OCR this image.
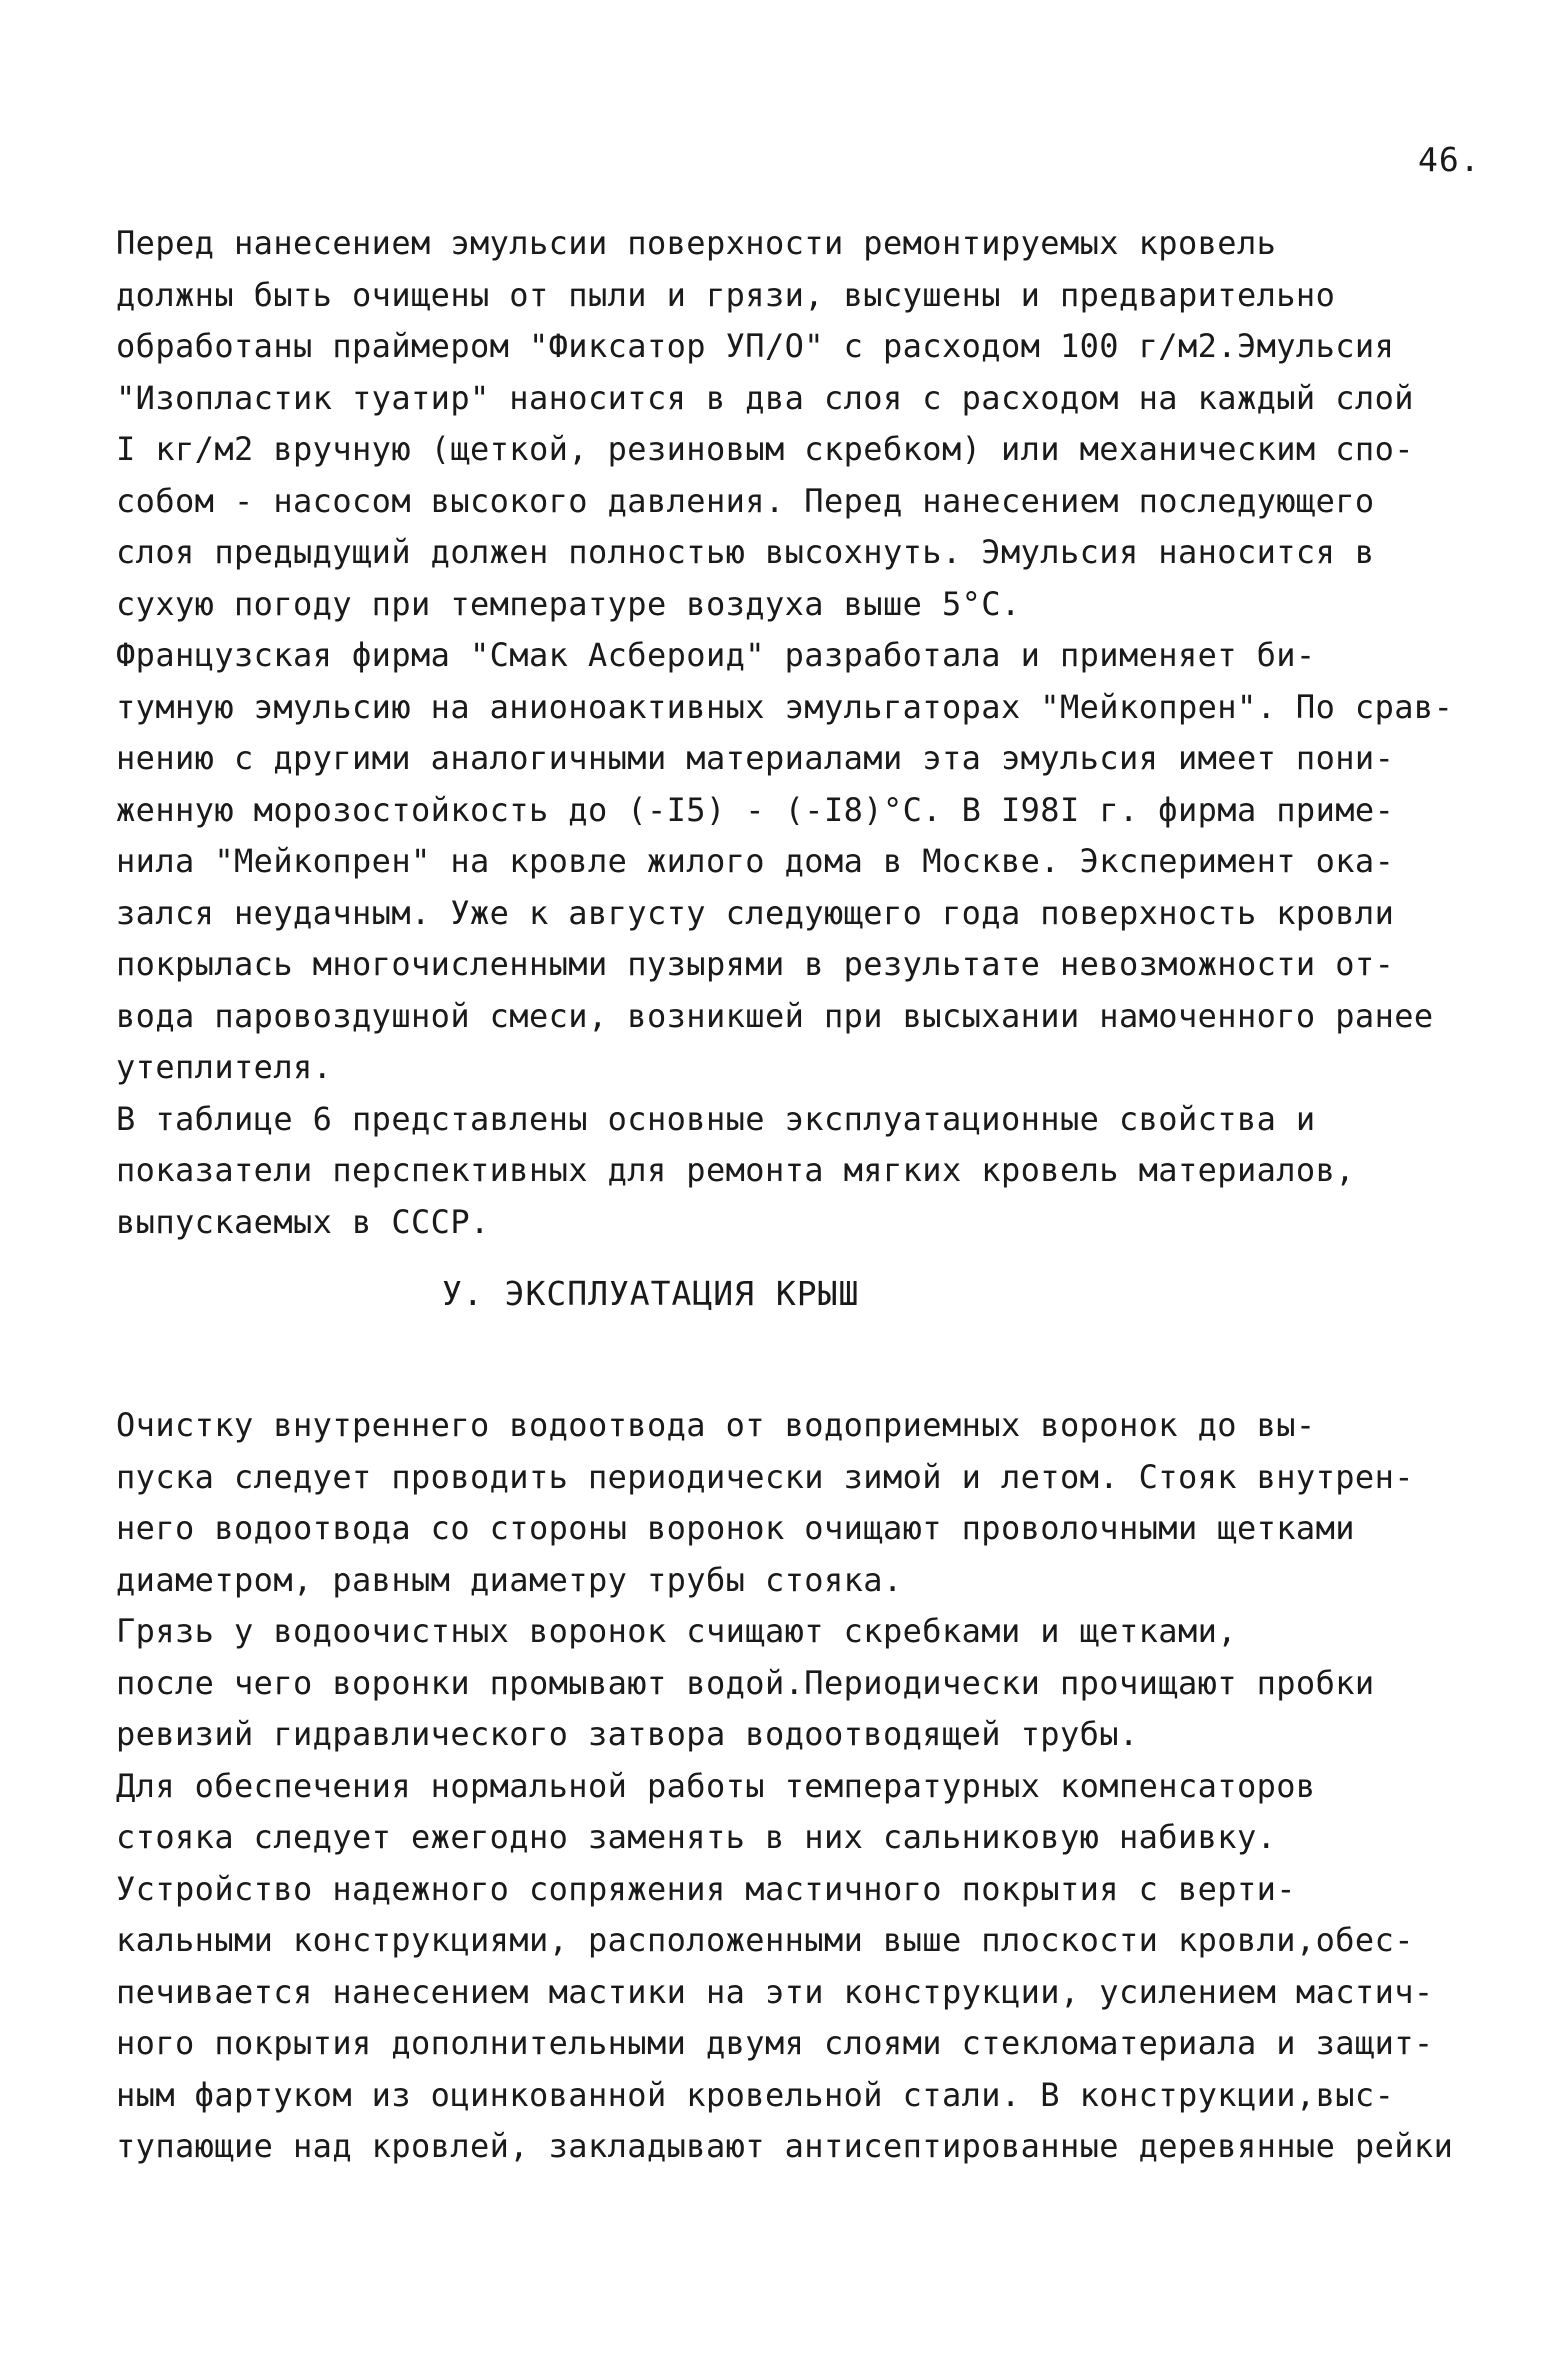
46.
Перед нанесением эмульсии поверхности ремонтируемых кровель
должны быть очищены от пыли и грязи, высушены и предварительно
обработаны праймером "Фиксатор УП/О" с расходом 100 г/м2.Эмульсия
"Изопластик туатир" наносится в два слоя с расходом на каждый слой
I кг/м2 вручную (щеткой, резиновым скребком) или механическим спо-
собом - насосом высокого давления. Перед нанесением последующего
слоя предыдущий должен полностью высохнуть. Эмульсия наносится в
сухую погоду при температуре воздуха выше 5°С.
Французская фирма "Смак Асбероид" разработала и применяет би-
тумную эмульсию на анионоактивных эмульгаторах "Мейкопрен". По срав-
нению с другими аналогичными материалами эта эмульсия имеет пони-
женную морозостойкость до (-I5) - (-I8)°С. В I98I г. фирма приме-
нила "Мейкопрен" на кровле жилого дома в Москве. Эксперимент ока-
зался неудачным. Уже к августу следующего года поверхность кровли
покрылась многочисленными пузырями в результате невозможности от-
вода паровоздушной смеси, возникшей при высыхании намоченного ранее
утеплителя.
В таблице 6 представлены основные эксплуатационные свойства и
показатели перспективных для ремонта мягких кровель материалов,
выпускаемых в СССР.
У. ЭКСПЛУАТАЦИЯ КРЫШ
Очистку внутреннего водоотвода от водоприемных воронок до вы-
пуска следует проводить периодически зимой и летом. Стояк внутрен-
него водоотвода со стороны воронок очищают проволочными щетками
диаметром, равным диаметру трубы стояка.
Грязь у водоочистных воронок счищают скребками и щетками,
после чего воронки промывают водой.Периодически прочищают пробки
ревизий гидравлического затвора водоотводящей трубы.
Для обеспечения нормальной работы температурных компенсаторов
стояка следует ежегодно заменять в них сальниковую набивку.
Устройство надежного сопряжения мастичного покрытия с верти-
кальными конструкциями, расположенными выше плоскости кровли,обес-
печивается нанесением мастики на эти конструкции, усилением мастич-
ного покрытия дополнительными двумя слоями стекломатериала и защит-
ным фартуком из оцинкованной кровельной стали. В конструкции,выс-
тупающие над кровлей, закладывают антисептированные деревянные рейки
